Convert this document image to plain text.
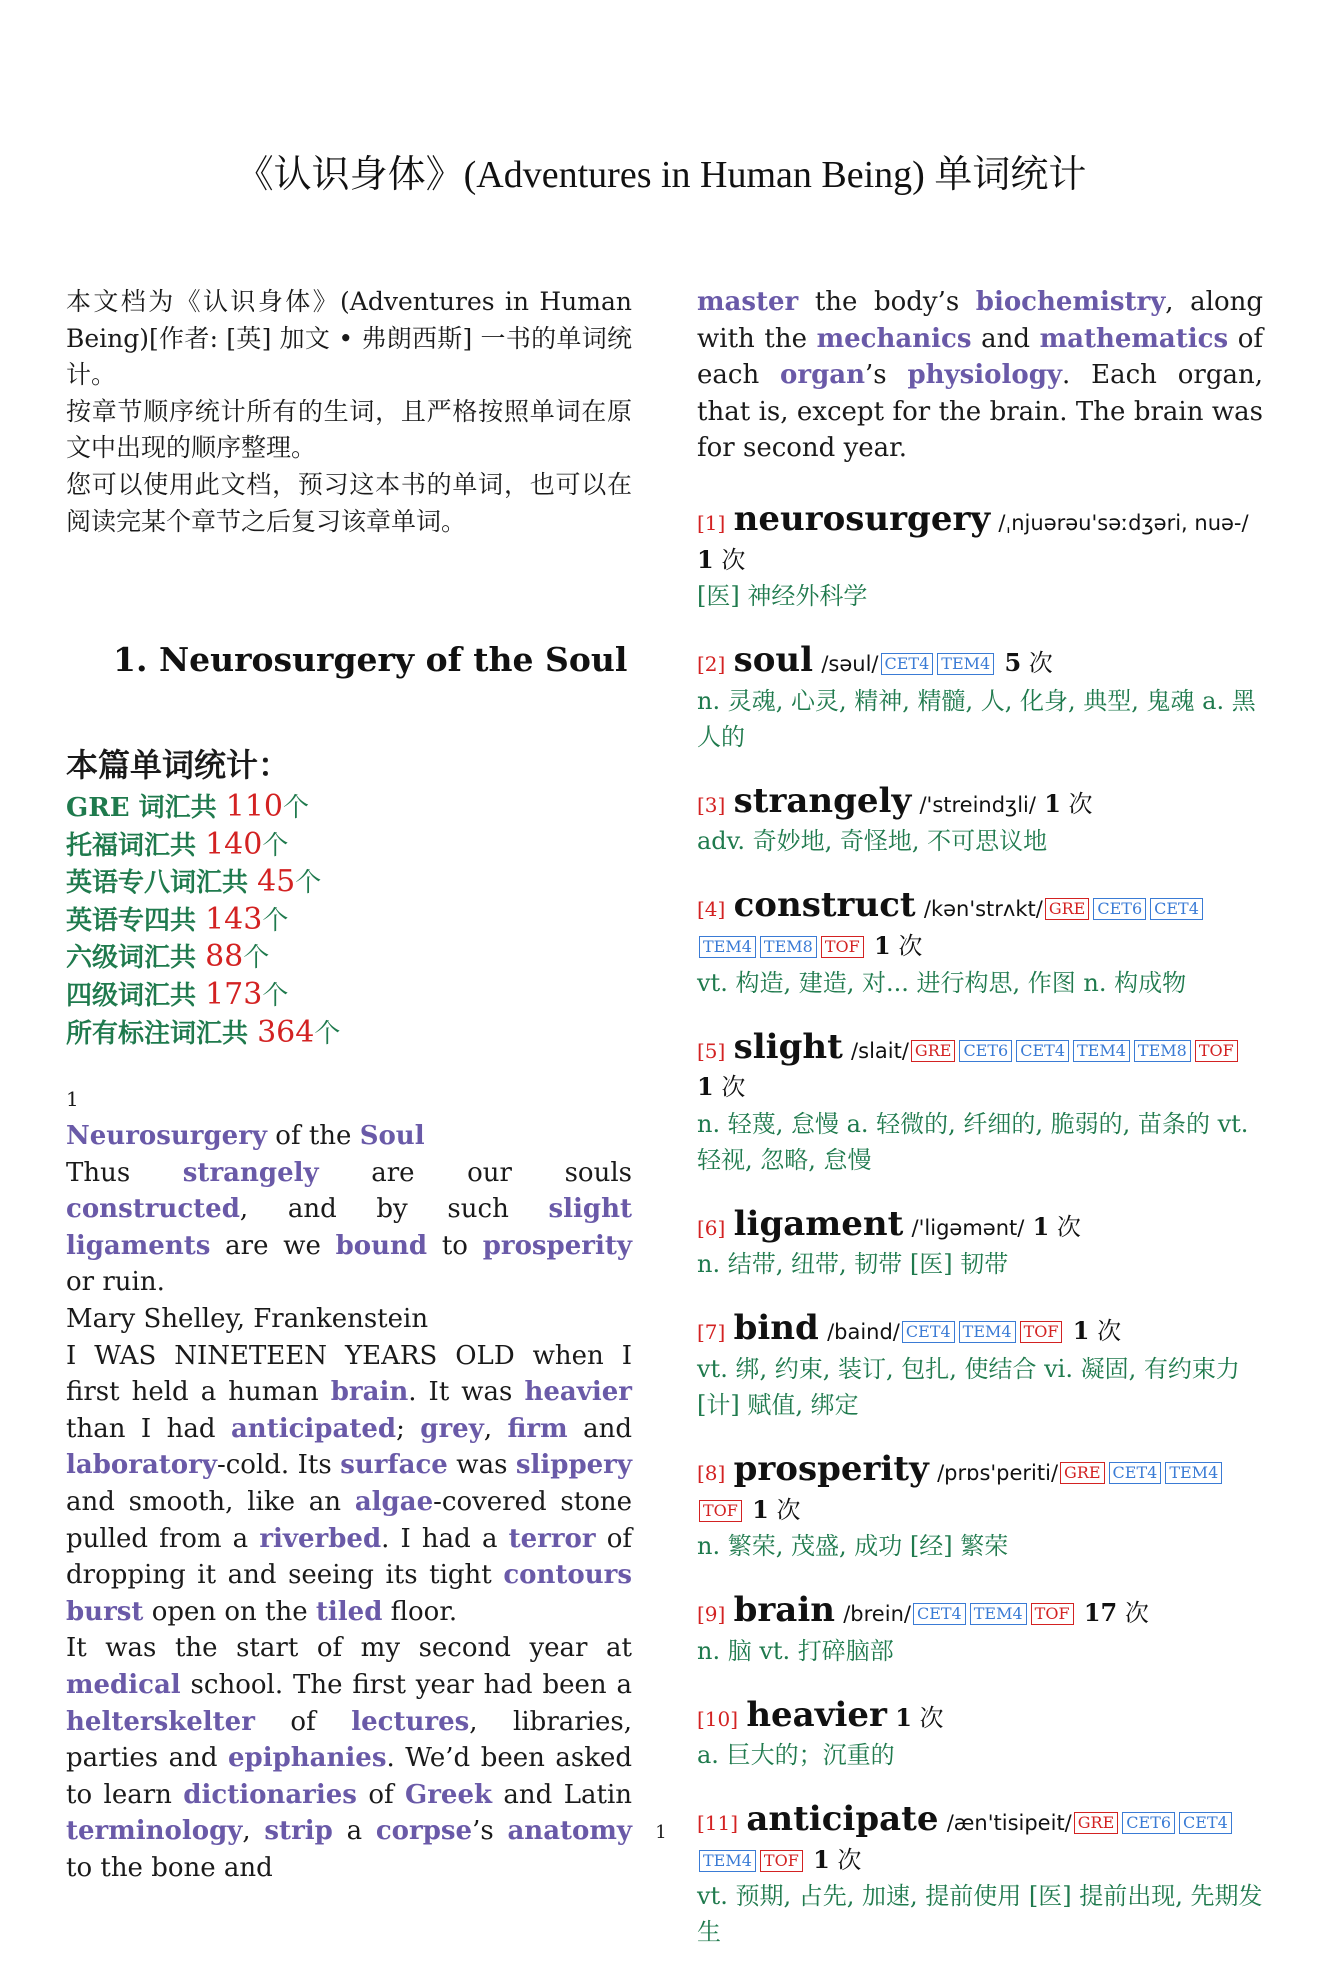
《认识身体》(Adventures in Human Being) 单词统计

本文档为《认识身体》(Adventures in Human Being)[作者: [英] 加文 • 弗朗西斯] 一书的单词统计。

按章节顺序统计所有的生词，且严格按照单词在原文中出现的顺序整理。

您可以使用此文档，预习这本书的单词，也可以在阅读完某个章节之后复习该章单词。

1. Neurosurgery of the Soul
本篇单词统计：
GRE 词汇共 110个
托福词汇共 140个
英语专八词汇共 45个
英语专四共 143个
六级词汇共 88个
四级词汇共 173个
所有标注词汇共 364个
1

Neurosurgery of the Soul

Thus strangely are our souls constructed, and by such slight ligaments are we bound to prosperity or ruin.

Mary Shelley, Frankenstein

I WAS NINETEEN YEARS OLD when I first held a human brain. It was heavier than I had anticipated; grey, firm and laboratory-cold. Its surface was slippery and smooth, like an algae-covered stone pulled from a riverbed. I had a terror of dropping it and seeing its tight contours burst open on the tiled floor.

It was the start of my second year at medical school. The first year had been a helterskelter of lectures, libraries, parties and epiphanies. We’d been asked to learn dictionaries of Greek and Latin terminology, strip a corpse’s anatomy to the bone and

master the body’s biochemistry, along with the mechanics and mathematics of each organ’s physiology. Each organ, that is, except for the brain. The brain was for second year.

[1] neurosurgery /ˌnjuərəu'səːdʒəri, nuə-/ 1 次

[医] 神经外科学

[2] soul /səul/ CET4 TEM4 5 次

n. 灵魂, 心灵, 精神, 精髓, 人, 化身, 典型, 鬼魂 a. 黑人的

[3] strangely /'streindʒli/ 1 次

adv. 奇妙地, 奇怪地, 不可思议地

[4] construct /kən'strʌkt/ GRE CET6 CET4TEM4 TEM8 TOF 1 次

vt. 构造, 建造, 对... 进行构思, 作图 n. 构成物

[5] slight /slait/ GRE CET6 CET4 TEM4 TEM8 TOF 1 次

n. 轻蔑, 怠慢 a. 轻微的, 纤细的, 脆弱的, 苗条的 vt. 轻视, 忽略, 怠慢

[6] ligament /'ligəmənt/ 1 次

n. 结带, 纽带, 韧带 [医] 韧带

[7] bind /baind/ CET4 TEM4 TOF 1 次

vt. 绑, 约束, 装订, 包扎, 使结合 vi. 凝固, 有约束力 [计] 赋值, 绑定

[8] prosperity /prɒs'periti/ GRE CET4 TEM4TOF 1 次

n. 繁荣, 茂盛, 成功 [经] 繁荣

[9] brain /brein/ CET4 TEM4 TOF 17 次

n. 脑 vt. 打碎脑部

[10] heavier 1 次

a. 巨大的；沉重的

[11] anticipate /æn'tisipeit/ GRE CET6 CET4TEM4 TOF 1 次

vt. 预期, 占先, 加速, 提前使用 [医] 提前出现, 先期发生

1
